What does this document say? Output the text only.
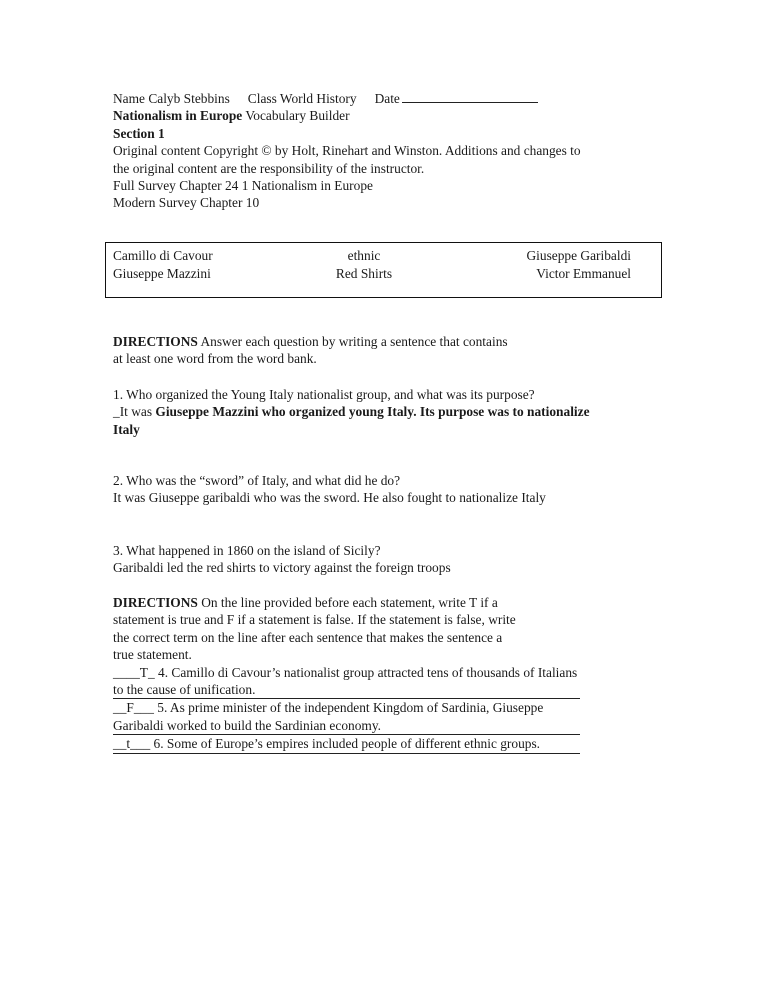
Name Calyb Stebbins Class World History Date
Nationalism in Europe Vocabulary Builder
Section 1
Original content Copyright © by Holt, Rinehart and Winston. Additions and changes to
the original content are the responsibility of the instructor.
Full Survey Chapter 24 1 Nationalism in Europe
Modern Survey Chapter 10
Camillo di Cavour	ethnic	Giuseppe Garibaldi
Giuseppe Mazzini	Red Shirts	Victor Emmanuel
DIRECTIONS Answer each question by writing a sentence that contains
at least one word from the word bank.
1. Who organized the Young Italy nationalist group, and what was its purpose?
_It was Giuseppe Mazzini who organized young Italy. Its purpose was to nationalize
Italy
2. Who was the “sword” of Italy, and what did he do?
It was Giuseppe garibaldi who was the sword. He also fought to nationalize Italy
3. What happened in 1860 on the island of Sicily?
Garibaldi led the red shirts to victory against the foreign troops
DIRECTIONS On the line provided before each statement, write T if a
statement is true and F if a statement is false. If the statement is false, write
the correct term on the line after each sentence that makes the sentence a
true statement.
____T_ 4. Camillo di Cavour’s nationalist group attracted tens of thousands of Italians
to the cause of unification.
__F___ 5. As prime minister of the independent Kingdom of Sardinia, Giuseppe
Garibaldi worked to build the Sardinian economy.
__t___ 6. Some of Europe’s empires included people of different ethnic groups.
